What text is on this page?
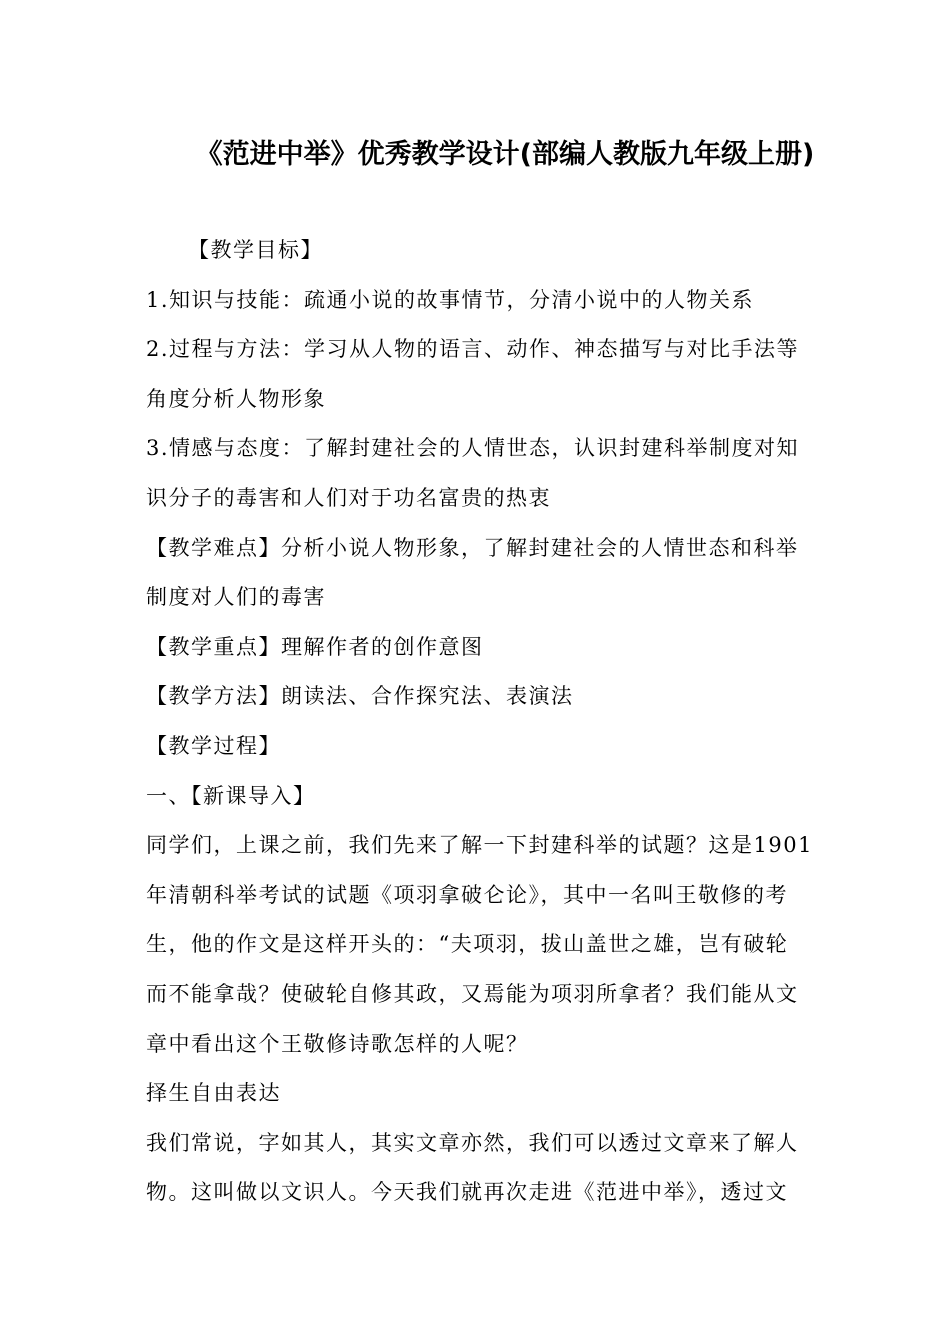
《范进中举》优秀教学设计(部编人教版九年级上册)
【教学目标】
1.知识与技能：疏通小说的故事情节，分清小说中的人物关系
2.过程与方法：学习从人物的语言、动作、神态描写与对比手法等
角度分析人物形象
3.情感与态度：了解封建社会的人情世态，认识封建科举制度对知
识分子的毒害和人们对于功名富贵的热衷
【教学难点】分析小说人物形象，了解封建社会的人情世态和科举
制度对人们的毒害
【教学重点】理解作者的创作意图
【教学方法】朗读法、合作探究法、表演法
【教学过程】
一、【新课导入】
同学们，上课之前，我们先来了解一下封建科举的试题？这是1901
年清朝科举考试的试题《项羽拿破仑论》，其中一名叫王敬修的考
生，他的作文是这样开头的：“夫项羽，拔山盖世之雄，岂有破轮
而不能拿哉？使破轮自修其政，又焉能为项羽所拿者？我们能从文
章中看出这个王敬修诗歌怎样的人呢？
择生自由表达
我们常说，字如其人，其实文章亦然，我们可以透过文章来了解人
物。这叫做以文识人。今天我们就再次走进《范进中举》，透过文
